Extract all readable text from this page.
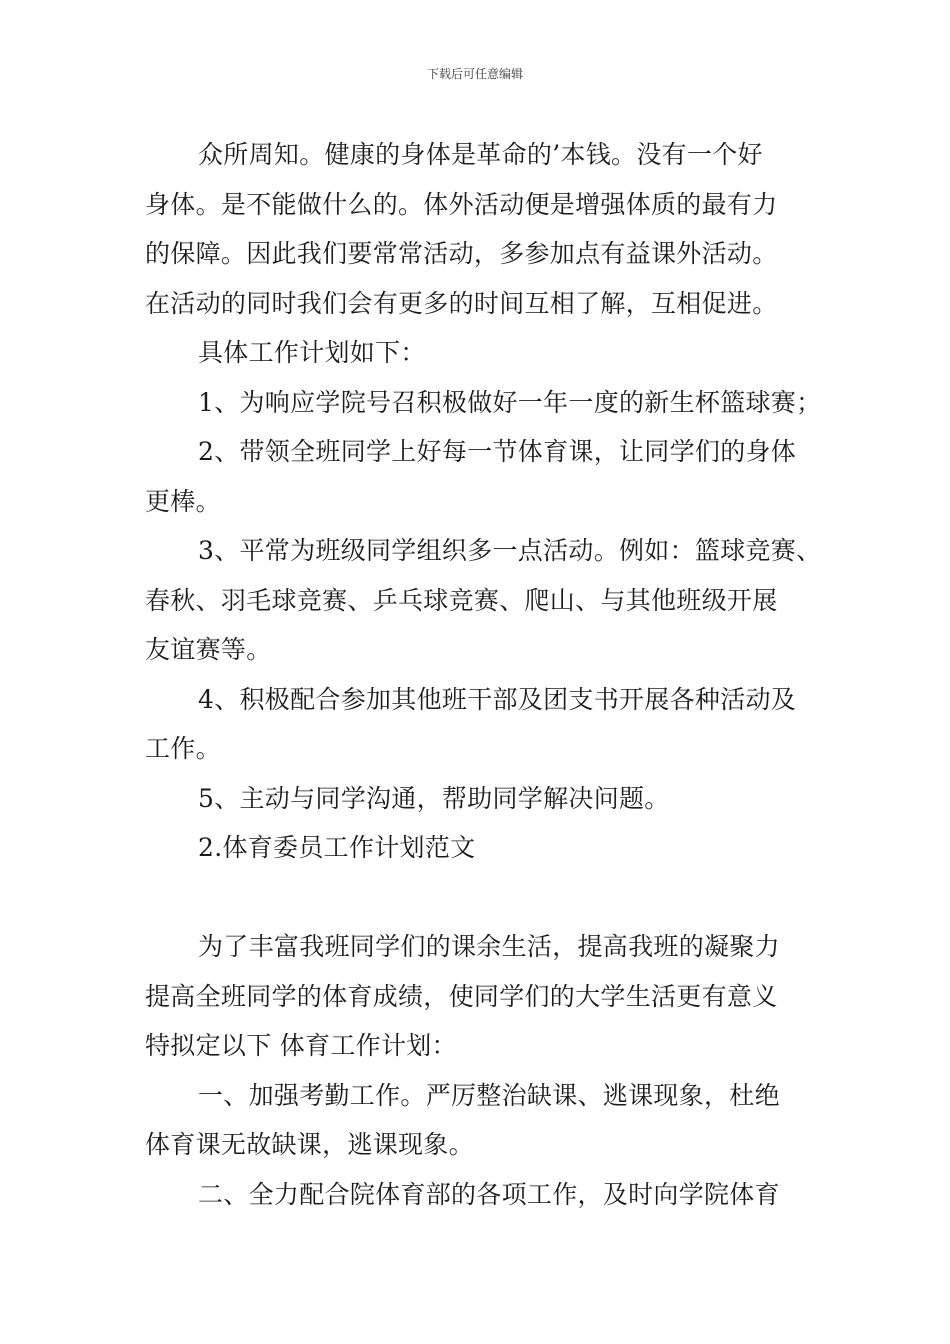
下载后可任意编辑

众所周知。健康的身体是革命的’本钱。没有一个好
身体。是不能做什么的。体外活动便是增强体质的最有力
的保障。因此我们要常常活动，多参加点有益课外活动。
在活动的同时我们会有更多的时间互相了解，互相促进。

具体工作计划如下：

1、为响应学院号召积极做好一年一度的新生杯篮球赛；

2、带领全班同学上好每一节体育课，让同学们的身体
更棒。

3、平常为班级同学组织多一点活动。例如：篮球竞赛、
春秋、羽毛球竞赛、乒乓球竞赛、爬山、与其他班级开展
友谊赛等。

4、积极配合参加其他班干部及团支书开展各种活动及
工作。

5、主动与同学沟通，帮助同学解决问题。

2.体育委员工作计划范文

为了丰富我班同学们的课余生活，提高我班的凝聚力
提高全班同学的体育成绩，使同学们的大学生活更有意义
特拟定以下 体育工作计划：

一、加强考勤工作。严厉整治缺课、逃课现象，杜绝
体育课无故缺课，逃课现象。

二、全力配合院体育部的各项工作，及时向学院体育
